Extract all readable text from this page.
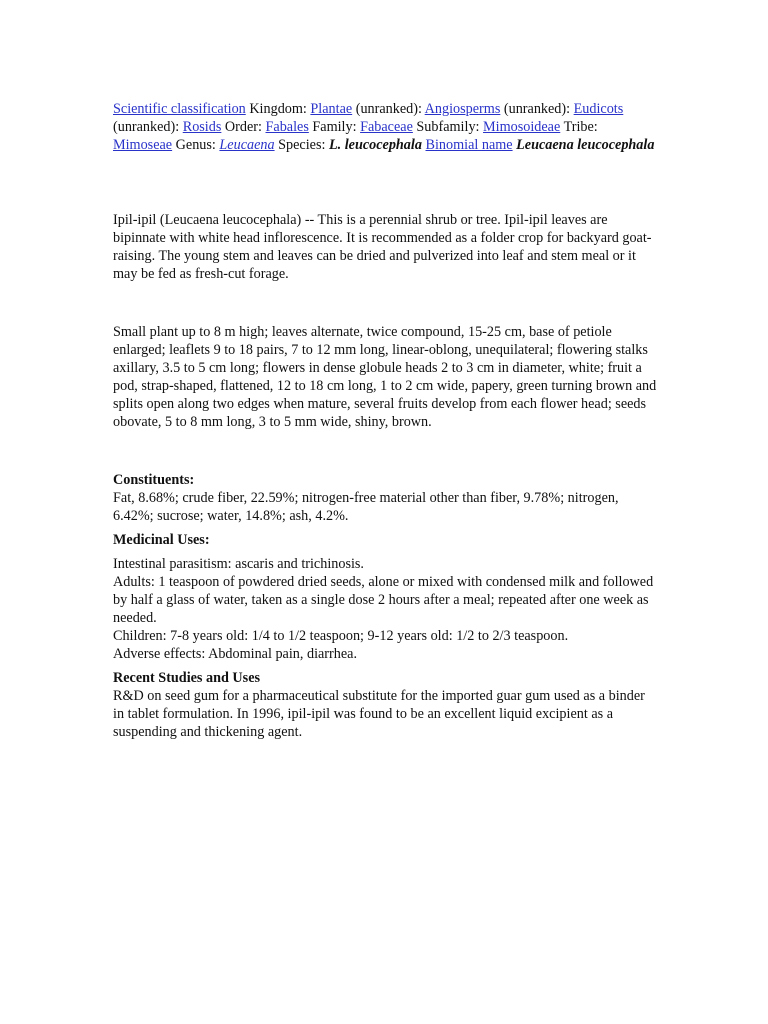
Scientific classification Kingdom: Plantae (unranked): Angiosperms (unranked): Eudicots (unranked): Rosids Order: Fabales Family: Fabaceae Subfamily: Mimosoideae Tribe: Mimoseae Genus: Leucaena Species: L. leucocephala Binomial name Leucaena leucocephala

Ipil-ipil (Leucaena leucocephala) -- This is a perennial shrub or tree. Ipil-ipil leaves are bipinnate with white head inflorescence. It is recommended as a folder crop for backyard goat-raising. The young stem and leaves can be dried and pulverized into leaf and stem meal or it may be fed as fresh-cut forage.

Small plant up to 8 m high; leaves alternate, twice compound, 15-25 cm, base of petiole enlarged; leaflets 9 to 18 pairs, 7 to 12 mm long, linear-oblong, unequilateral; flowering stalks axillary, 3.5 to 5 cm long; flowers in dense globule heads 2 to 3 cm in diameter, white; fruit a pod, strap-shaped, flattened, 12 to 18 cm long, 1 to 2 cm wide, papery, green turning brown and splits open along two edges when mature, several fruits develop from each flower head; seeds obovate, 5 to 8 mm long, 3 to 5 mm wide, shiny, brown.

Constituents:

Fat, 8.68%; crude fiber, 22.59%; nitrogen-free material other than fiber, 9.78%; nitrogen, 6.42%; sucrose; water, 14.8%; ash, 4.2%.

Medicinal Uses:

Intestinal parasitism: ascaris and trichinosis.

Adults: 1 teaspoon of powdered dried seeds, alone or mixed with condensed milk and followed by half a glass of water, taken as a single dose 2 hours after a meal; repeated after one week as needed.

Children: 7-8 years old: 1/4 to 1/2 teaspoon; 9-12 years old: 1/2 to 2/3 teaspoon.

Adverse effects: Abdominal pain, diarrhea.

Recent Studies and Uses

R&D on seed gum for a pharmaceutical substitute for the imported guar gum used as a binder in tablet formulation. In 1996, ipil-ipil was found to be an excellent liquid excipient as a suspending and thickening agent.
